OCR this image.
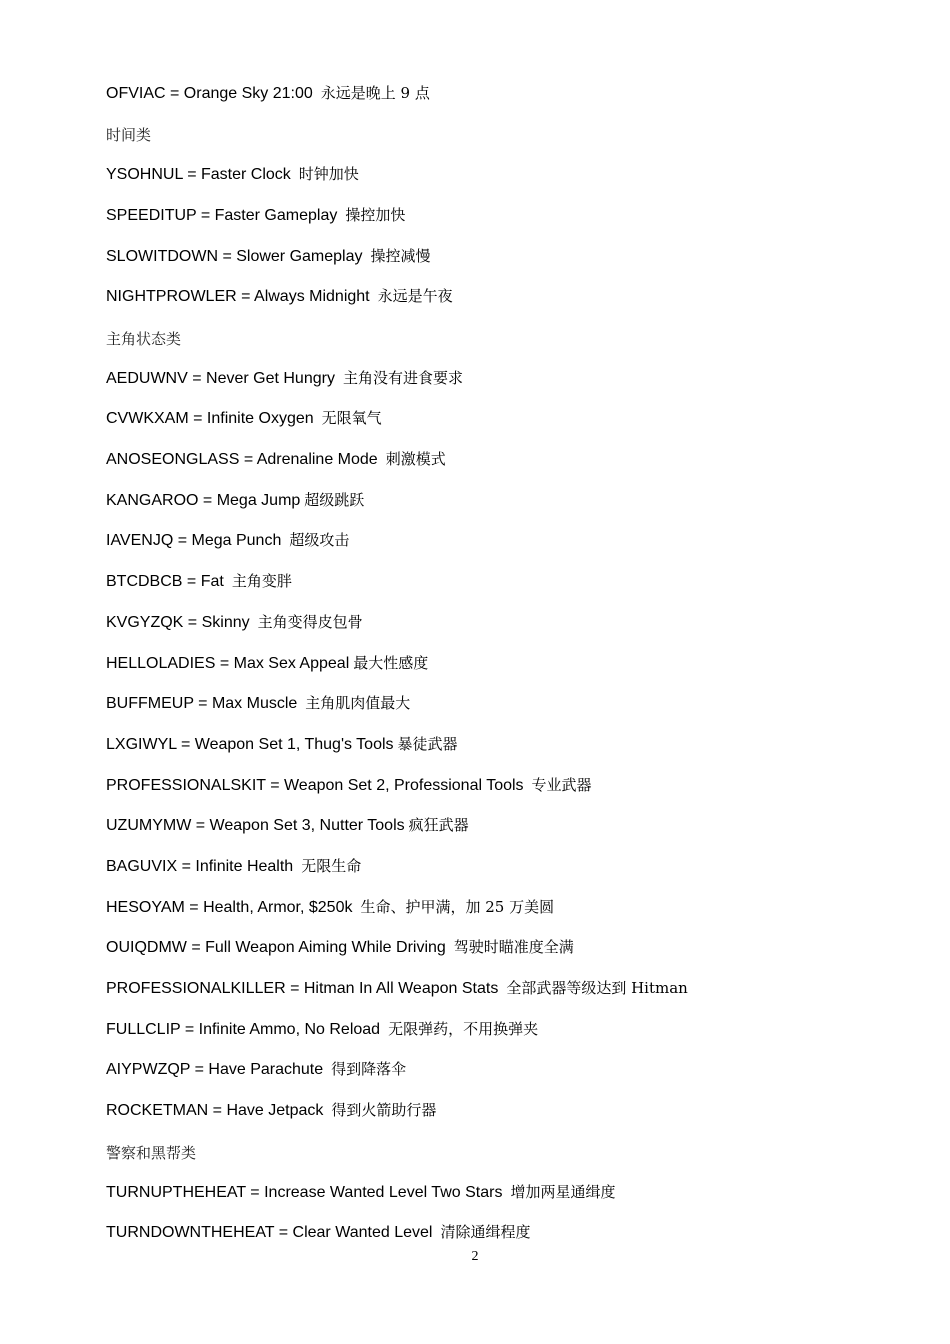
OFVIAC = Orange Sky 21:00 永远是晚上 9 点
时间类
YSOHNUL = Faster Clock 时钟加快
SPEEDITUP = Faster Gameplay 操控加快
SLOWITDOWN = Slower Gameplay 操控减慢
NIGHTPROWLER = Always Midnight 永远是午夜
主角状态类
AEDUWNV = Never Get Hungry 主角没有进食要求
CVWKXAM = Infinite Oxygen 无限氧气
ANOSEONGLASS = Adrenaline Mode 刺激模式
KANGAROO = Mega Jump 超级跳跃
IAVENJQ = Mega Punch 超级攻击
BTCDBCB = Fat 主角变胖
KVGYZQK = Skinny 主角变得皮包骨
HELLOLADIES = Max Sex Appeal 最大性感度
BUFFMEUP = Max Muscle 主角肌肉值最大
LXGIWYL = Weapon Set 1, Thug's Tools 暴徒武器
PROFESSIONALSKIT = Weapon Set 2, Professional Tools 专业武器
UZUMYMW = Weapon Set 3, Nutter Tools 疯狂武器
BAGUVIX = Infinite Health 无限生命
HESOYAM = Health, Armor, $250k 生命、护甲满，加 25 万美圆
OUIQDMW = Full Weapon Aiming While Driving 驾驶时瞄准度全满
PROFESSIONALKILLER = Hitman In All Weapon Stats 全部武器等级达到 Hitman
FULLCLIP = Infinite Ammo, No Reload 无限弹药，不用换弹夹
AIYPWZQP = Have Parachute 得到降落伞
ROCKETMAN = Have Jetpack 得到火箭助行器
警察和黑帮类
TURNUPTHEHEAT = Increase Wanted Level Two Stars 增加两星通缉度
TURNDOWNTHEHEAT = Clear Wanted Level 清除通缉程度
2
